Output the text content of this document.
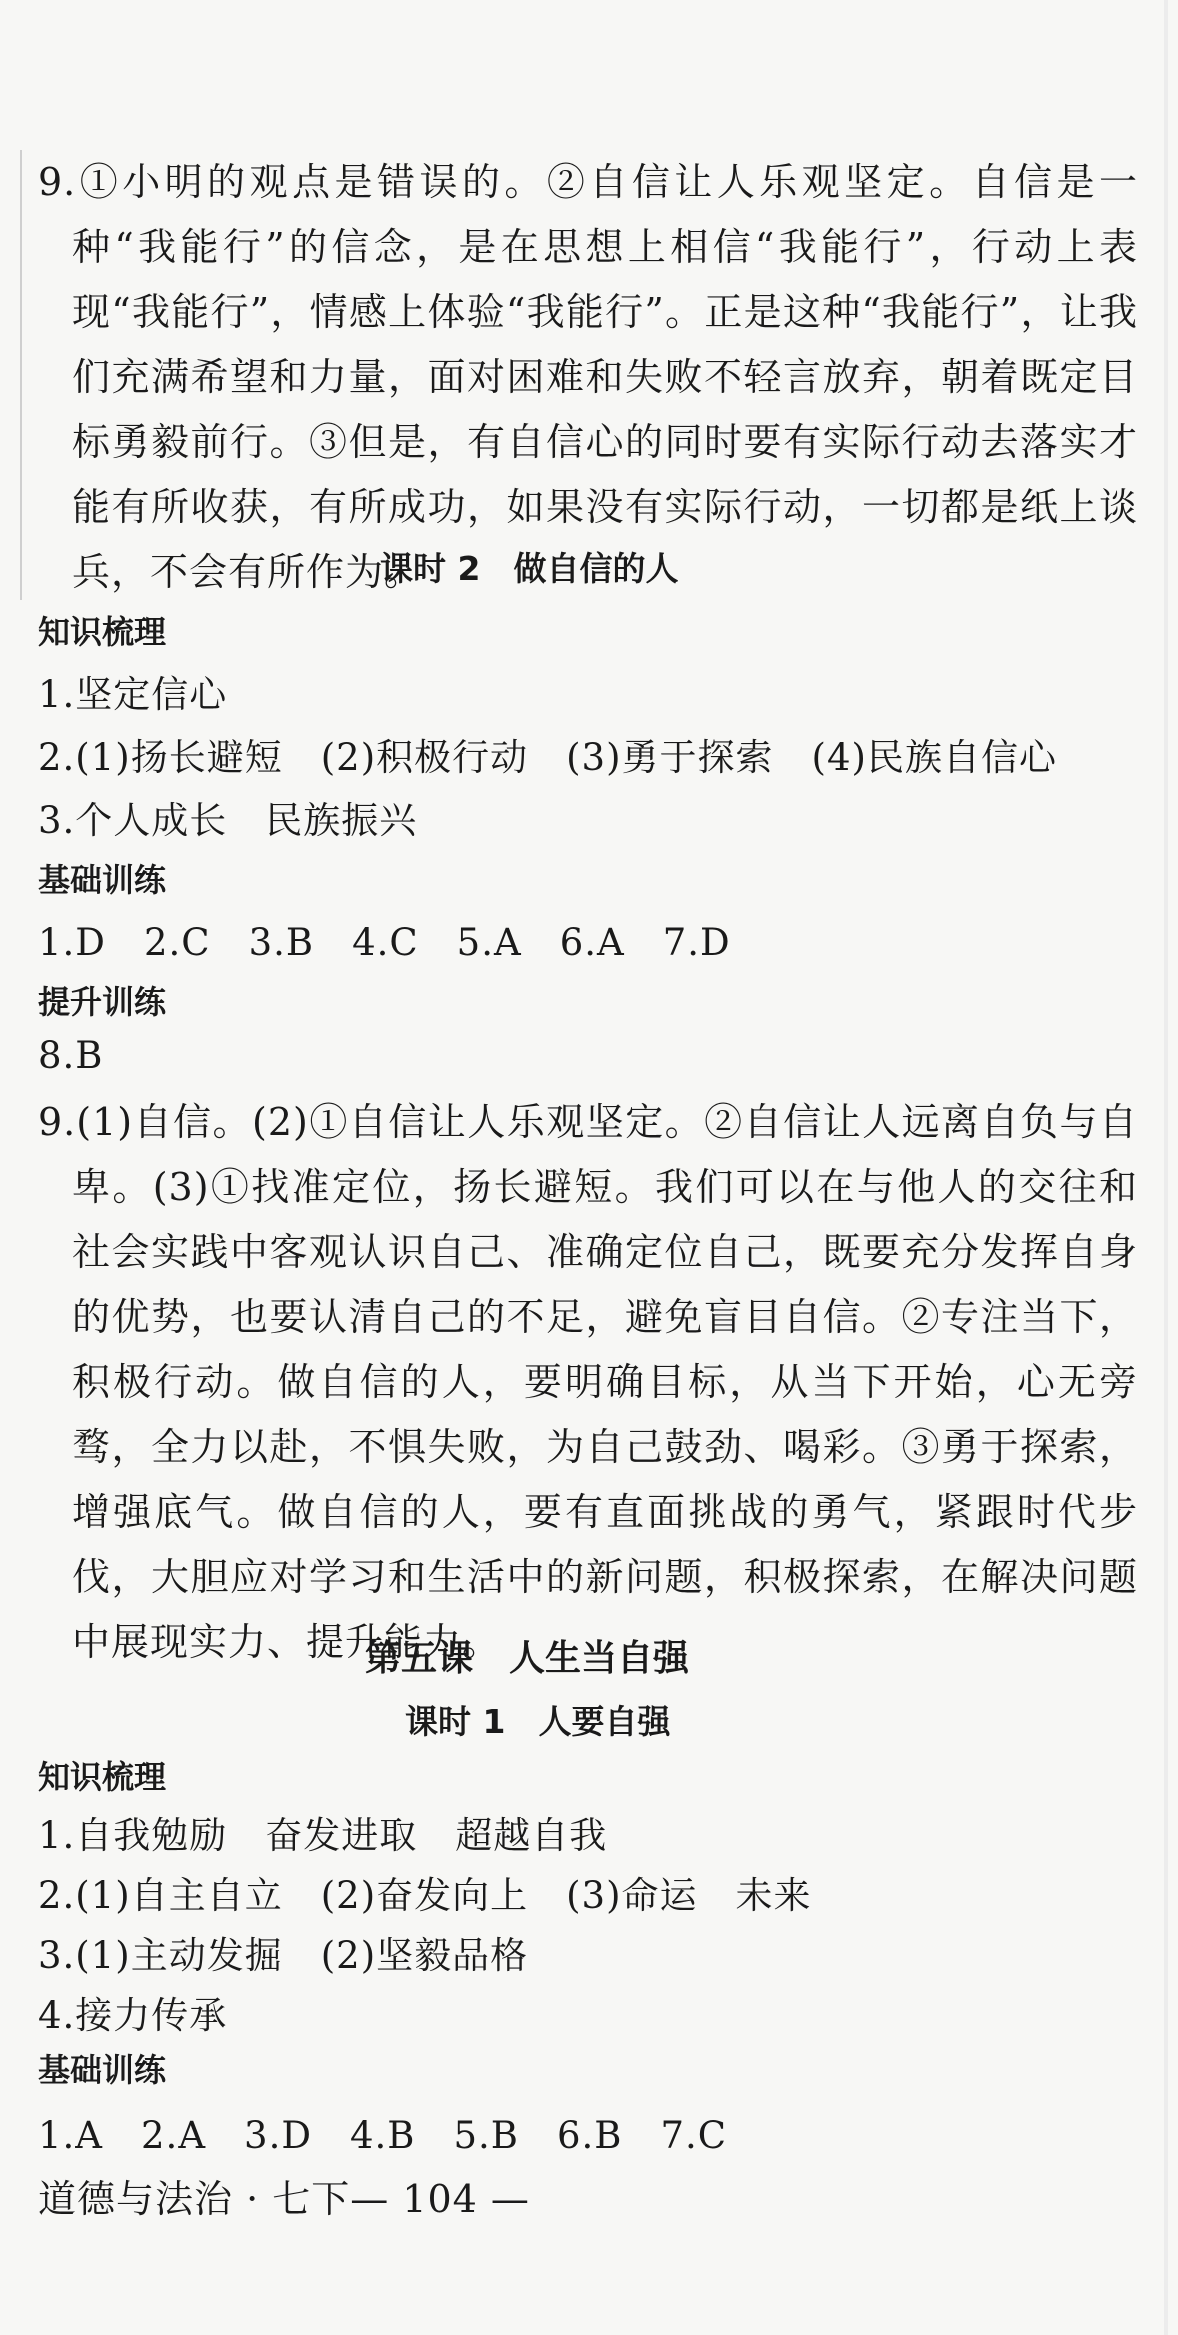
9.①小明的观点是错误的。②自信让人乐观坚定。自信是一种“我能行”的信念，是在思想上相信“我能行”，行动上表现“我能行”，情感上体验“我能行”。正是这种“我能行”，让我们充满希望和力量，面对困难和失败不轻言放弃，朝着既定目标勇毅前行。③但是，有自信心的同时要有实际行动去落实才能有所收获，有所成功，如果没有实际行动，一切都是纸上谈兵，不会有所作为。

课时 2　做自信的人
知识梳理
1.坚定信心
2.(1)扬长避短　(2)积极行动　(3)勇于探索　(4)民族自信心
3.个人成长　民族振兴
基础训练
1.D　2.C　3.B　4.C　5.A　6.A　7.D
提升训练
8.B

9.(1)自信。(2)①自信让人乐观坚定。②自信让人远离自负与自卑。(3)①找准定位，扬长避短。我们可以在与他人的交往和社会实践中客观认识自己、准确定位自己，既要充分发挥自身的优势，也要认清自己的不足，避免盲目自信。②专注当下，积极行动。做自信的人，要明确目标，从当下开始，心无旁骛，全力以赴，不惧失败，为自己鼓劲、喝彩。③勇于探索，增强底气。做自信的人，要有直面挑战的勇气，紧跟时代步伐，大胆应对学习和生活中的新问题，积极探索，在解决问题中展现实力、提升能力。

第五课　人生当自强
课时 1　人要自强
知识梳理
1.自我勉励　奋发进取　超越自我
2.(1)自主自立　(2)奋发向上　(3)命运　未来
3.(1)主动发掘　(2)坚毅品格
4.接力传承
基础训练
道德与法治 · 七下— 104 —
1.A　2.A　3.D　4.B　5.B　6.B　7.C
